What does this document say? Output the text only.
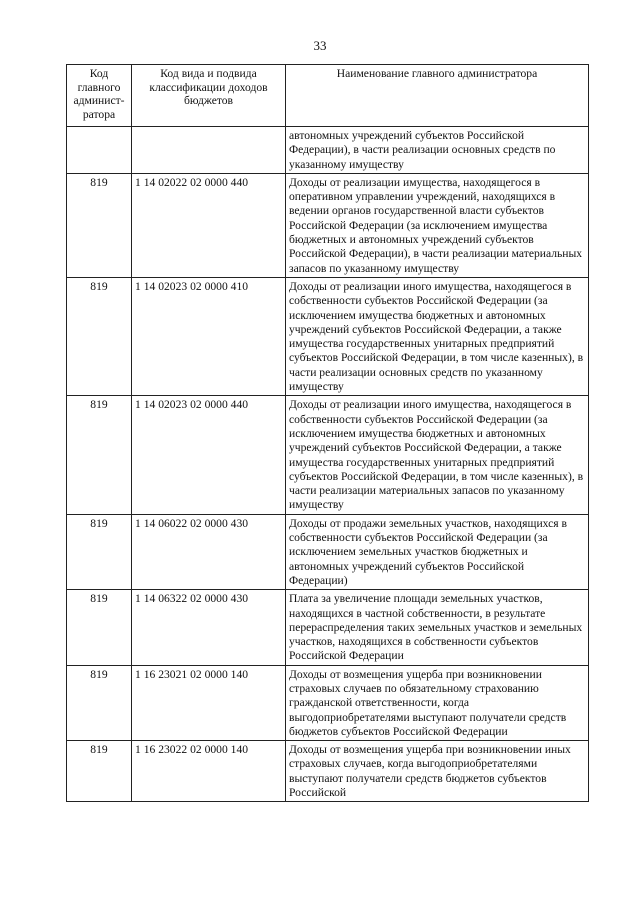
33
Код главного админист-ратора	Код вида и подвида классификации доходов бюджетов	Наименование главного администратора
		автономных учреждений субъектов Российской Федерации), в части реализации основных средств по указанному имуществу
819	1 14 02022 02 0000 440	Доходы от реализации имущества, находящегося в оперативном управлении учреждений, находящихся в ведении органов государственной власти субъектов Российской Федерации (за исключением имущества бюджетных и автономных учреждений субъектов Российской Федерации), в части реализации материальных запасов по указанному имуществу
819	1 14 02023 02 0000 410	Доходы от реализации иного имущества, находящегося в собственности субъектов Российской Федерации (за исключением имущества бюджетных и автономных учреждений субъектов Российской Федерации, а также имущества государственных унитарных предприятий субъектов Российской Федерации, в том числе казенных), в части реализации основных средств по указанному имуществу
819	1 14 02023 02 0000 440	Доходы от реализации иного имущества, находящегося в собственности субъектов Российской Федерации (за исключением имущества бюджетных и автономных учреждений субъектов Российской Федерации, а также имущества государственных унитарных предприятий субъектов Российской Федерации, в том числе казенных), в части реализации материальных запасов по указанному имуществу
819	1 14 06022 02 0000 430	Доходы от продажи земельных участков, находящихся в собственности субъектов Российской Федерации (за исключением земельных участков бюджетных и автономных учреждений субъектов Российской Федерации)
819	1 14 06322 02 0000 430	Плата за увеличение площади земельных участков, находящихся в частной собственности, в результате перераспределения таких земельных участков и земельных участков, находящихся в собственности субъектов Российской Федерации
819	1 16 23021 02 0000 140	Доходы от возмещения ущерба при возникновении страховых случаев по обязательному страхованию гражданской ответственности, когда выгодоприобретателями выступают получатели средств бюджетов субъектов Российской Федерации
819	1 16 23022 02 0000 140	Доходы от возмещения ущерба при возникновении иных страховых случаев, когда выгодоприобретателями выступают получатели средств бюджетов субъектов Российской
